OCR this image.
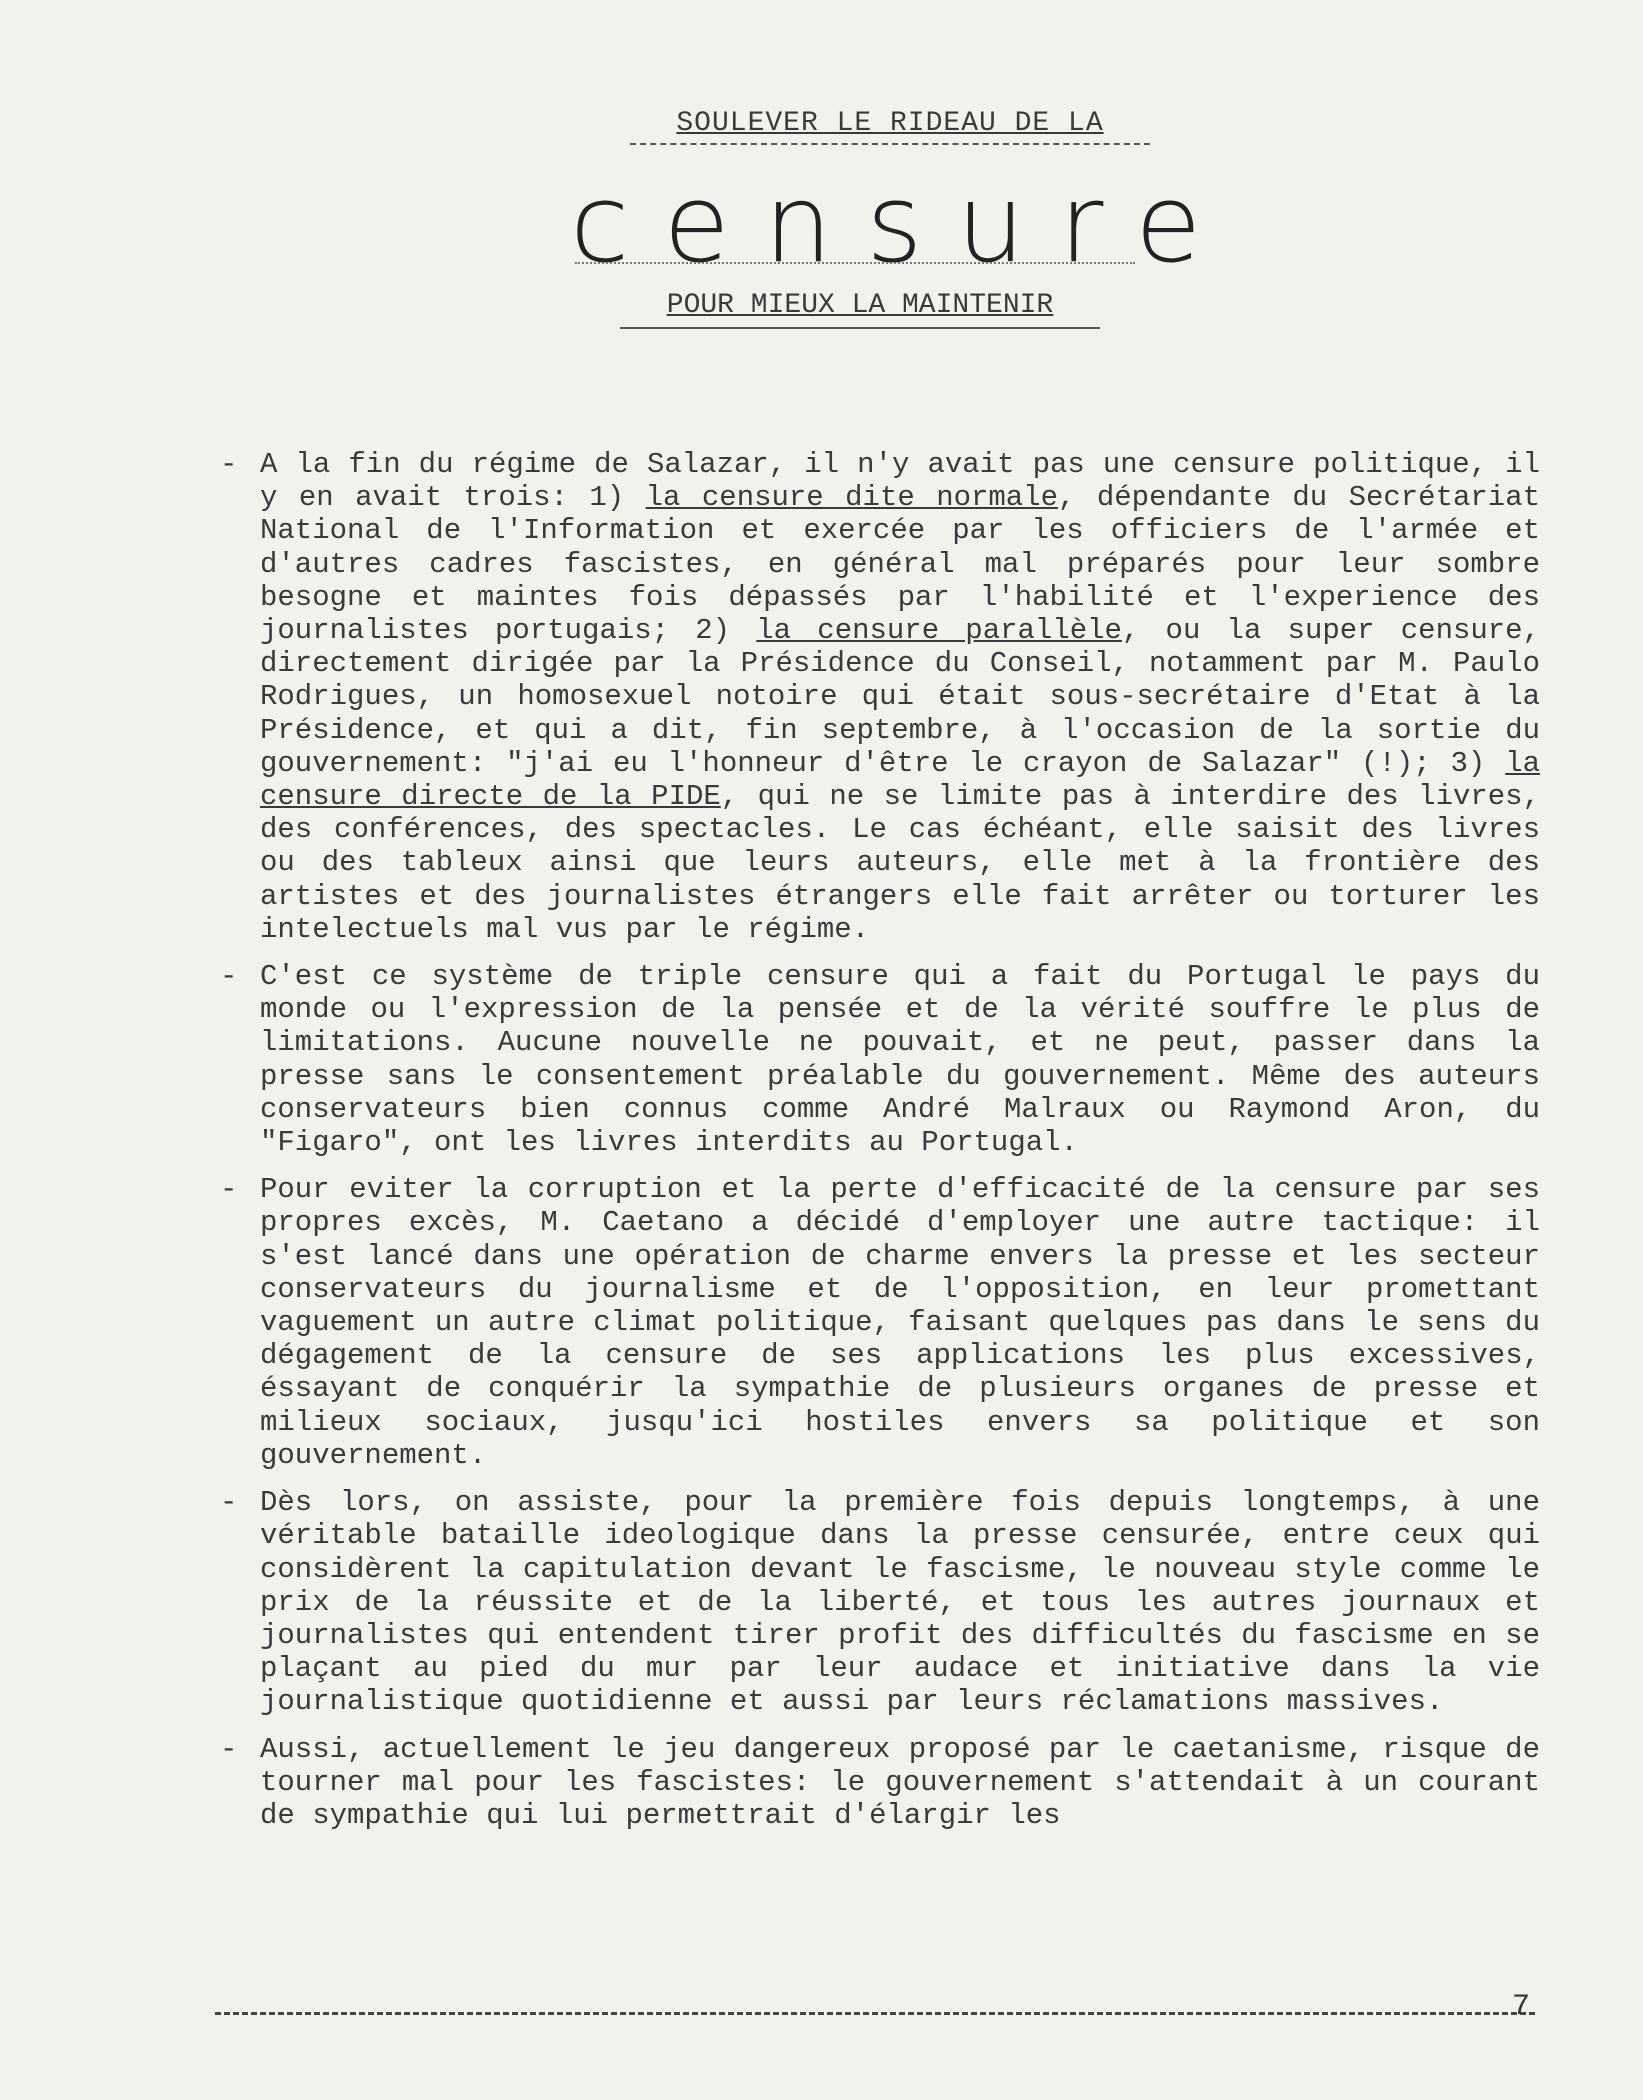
SOULEVER LE RIDEAU DE LA
censure
POUR MIEUX LA MAINTENIR
- A la fin du régime de Salazar, il n'y avait pas une censure politique, il y en avait trois: 1) la censure dite normale, dépendante du Secrétariat National de l'Information et exercée par les officiers de l'armée et d'autres cadres fascistes, en général mal préparés pour leur sombre besogne et maintes fois dépassés par l'habilité et l'experience des journalistes portugais; 2) la censure parallèle, ou la super censure, directement dirigée par la Présidence du Conseil, notamment par M. Paulo Rodrigues, un homosexuel notoire qui était sous-secrétaire d'Etat à la Présidence, et qui a dit, fin septembre, à l'occasion de la sortie du gouvernement: "j'ai eu l'honneur d'être le crayon de Salazar" (!); 3) la censure directe de la PIDE, qui ne se limite pas à interdire des livres, des conférences, des spectacles. Le cas échéant, elle saisit des livres ou des tableux ainsi que leurs auteurs, elle met à la frontière des artistes et des journalistes étrangers elle fait arrêter ou torturer les intelectuels mal vus par le régime.
- C'est ce système de triple censure qui a fait du Portugal le pays du monde ou l'expression de la pensée et de la vérité souffre le plus de limitations. Aucune nouvelle ne pouvait, et ne peut, passer dans la presse sans le consentement préalable du gouvernement. Même des auteurs conservateurs bien connus comme André Malraux ou Raymond Aron, du "Figaro", ont les livres interdits au Portugal.
- Pour eviter la corruption et la perte d'efficacité de la censure par ses propres excès, M. Caetano a décidé d'employer une autre tactique: il s'est lancé dans une opération de charme envers la presse et les secteur conservateurs du journalisme et de l'opposition, en leur promettant vaguement un autre climat politique, faisant quelques pas dans le sens du dégagement de la censure de ses applications les plus excessives, éssayant de conquérir la sympathie de plusieurs organes de presse et milieux sociaux, jusqu'ici hostiles envers sa politique et son gouvernement.
- Dès lors, on assiste, pour la première fois depuis longtemps, à une véritable bataille ideologique dans la presse censurée, entre ceux qui considèrent la capitulation devant le fascisme, le nouveau style comme le prix de la réussite et de la liberté, et tous les autres journaux et journalistes qui entendent tirer profit des difficultés du fascisme en se plaçant au pied du mur par leur audace et initiative dans la vie journalistique quotidienne et aussi par leurs réclamations massives.
- Aussi, actuellement le jeu dangereux proposé par le caetanisme, risque de tourner mal pour les fascistes: le gouvernement s'attendait à un courant de sympathie qui lui permettrait d'élargir les
7
